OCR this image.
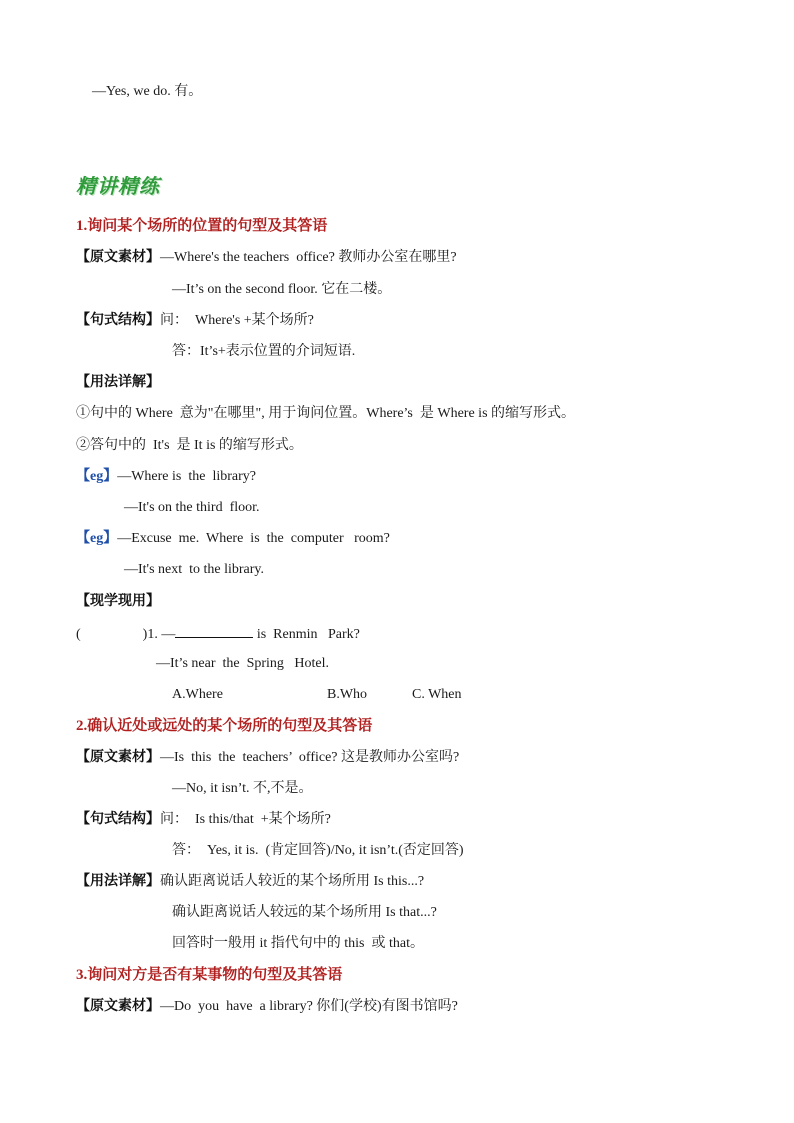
—Yes, we do. 有。
精讲精练
1.询问某个场所的位置的句型及其答语
【原文素材】—Where's the teachers  office? 教师办公室在哪里?
—It’s on the second floor. 它在二楼。
【句式结构】问：  Where's +某个场所?
答：It’s+表示位置的介词短语.
【用法详解】
①句中的 Where  意为"在哪里", 用于询问位置。Where’s  是 Where is 的缩写形式。
②答句中的  It's  是 It is 的缩写形式。
【eg】—Where is  the  library?
—It's on the third  floor.
【eg】—Excuse  me.  Where  is  the  computer   room?
—It's next  to the library.
【现学现用】
(	)1. —	is  Renmin   Park?
—It’s near  the  Spring   Hotel.
A.Where	B.Who	C. When
2.确认近处或远处的某个场所的句型及其答语
【原文素材】—Is  this  the  teachers’  office? 这是教师办公室吗?
—No, it isn’t. 不,不是。
【句式结构】问：  Is this/that  +某个场所?
答：  Yes, it is.  (肯定回答)/No, it isn’t.(否定回答)
【用法详解】确认距离说话人较近的某个场所用 Is this...?
确认距离说话人较远的某个场所用 Is that...?
回答时一般用 it 指代句中的 this  或 that。
3.询问对方是否有某事物的句型及其答语
【原文素材】—Do  you  have  a library? 你们(学校)有图书馆吗?
